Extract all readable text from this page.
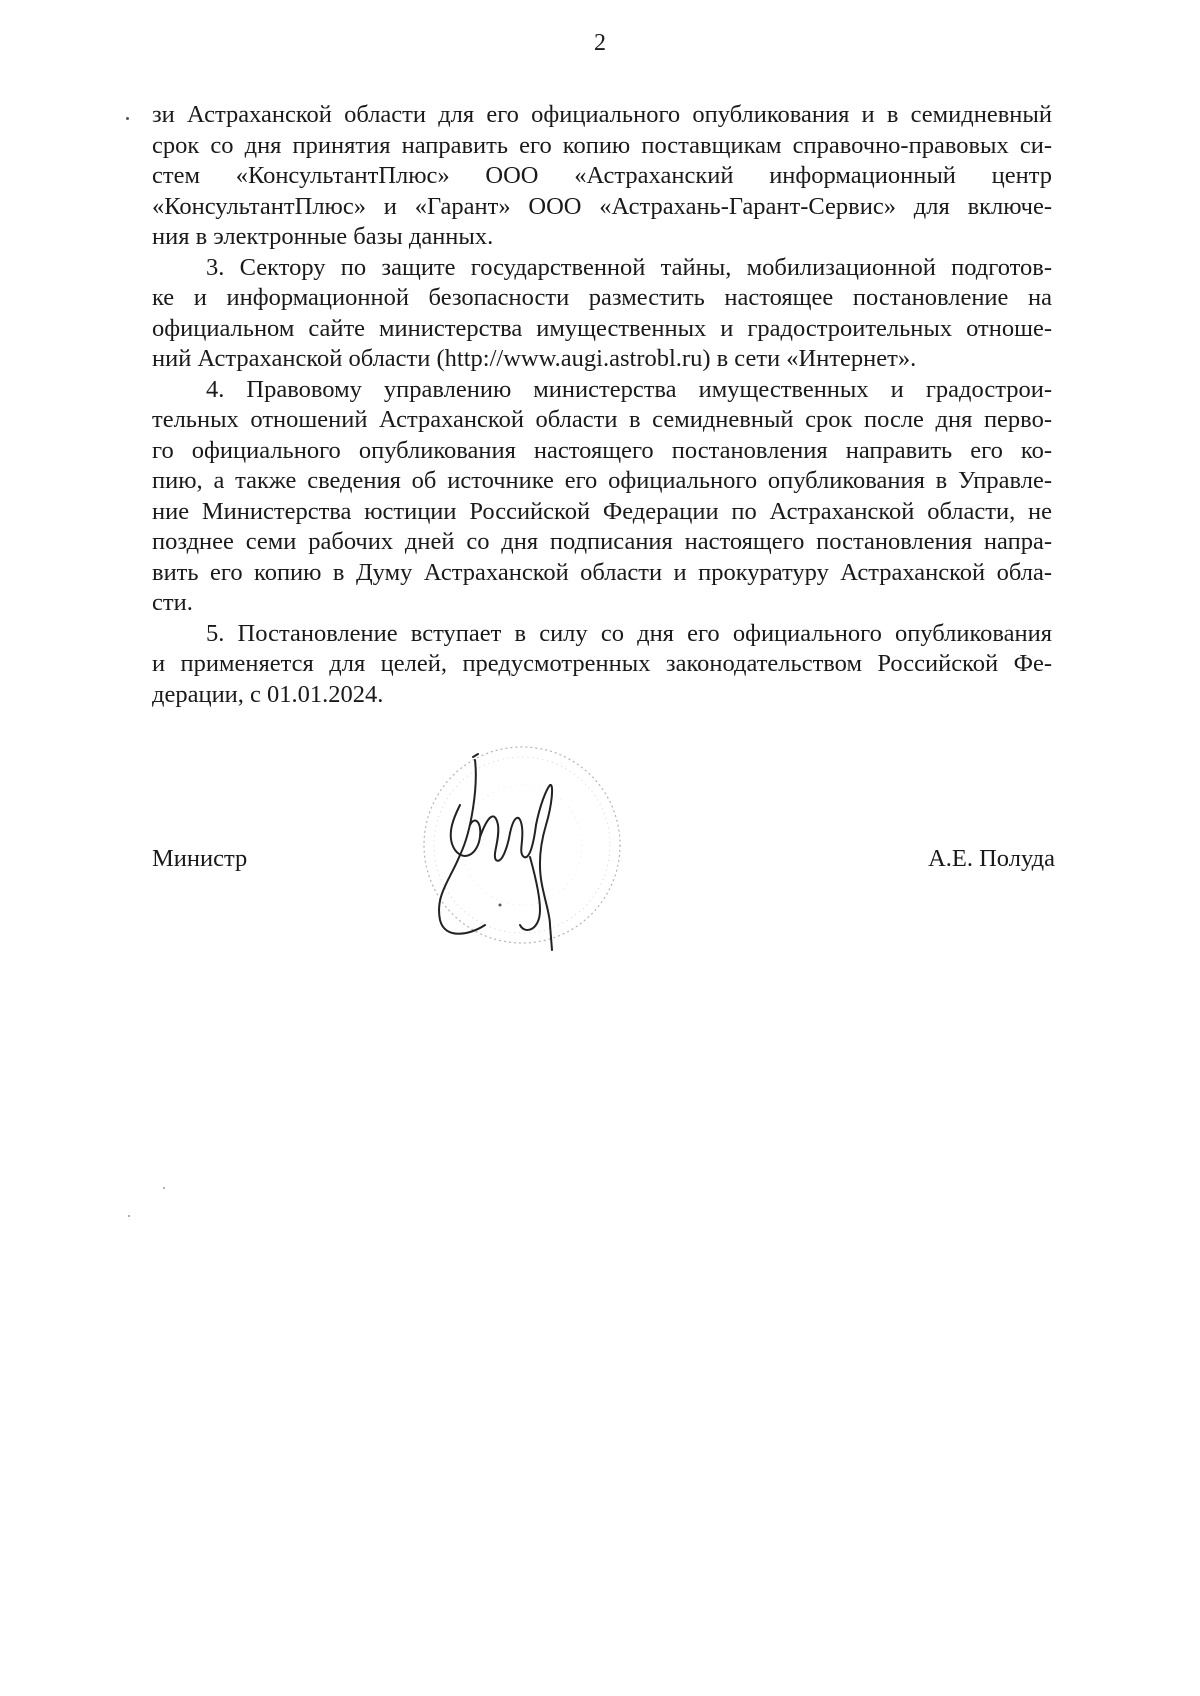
2
зи Астраханской области для его официального опубликования и в семидневный
срок со дня принятия направить его копию поставщикам справочно-правовых си-
стем «КонсультантПлюс» ООО «Астраханский информационный центр
«КонсультантПлюс» и «Гарант» ООО «Астрахань-Гарант-Сервис» для включе-
ния в электронные базы данных.
3. Сектору по защите государственной тайны, мобилизационной подготов-
ке и информационной безопасности разместить настоящее постановление на
официальном сайте министерства имущественных и градостроительных отноше-
ний Астраханской области (http://www.augi.astrobl.ru) в сети «Интернет».
4. Правовому управлению министерства имущественных и градострои-
тельных отношений Астраханской области в семидневный срок после дня перво-
го официального опубликования настоящего постановления направить его ко-
пию, а также сведения об источнике его официального опубликования в Управле-
ние Министерства юстиции Российской Федерации по Астраханской области, не
позднее семи рабочих дней со дня подписания настоящего постановления напра-
вить его копию в Думу Астраханской области и прокуратуру Астраханской обла-
сти.
5. Постановление вступает в силу со дня его официального опубликования
и применяется для целей, предусмотренных законодательством Российской Фе-
дерации, с 01.01.2024.
Министр	А.Е. Полуда
